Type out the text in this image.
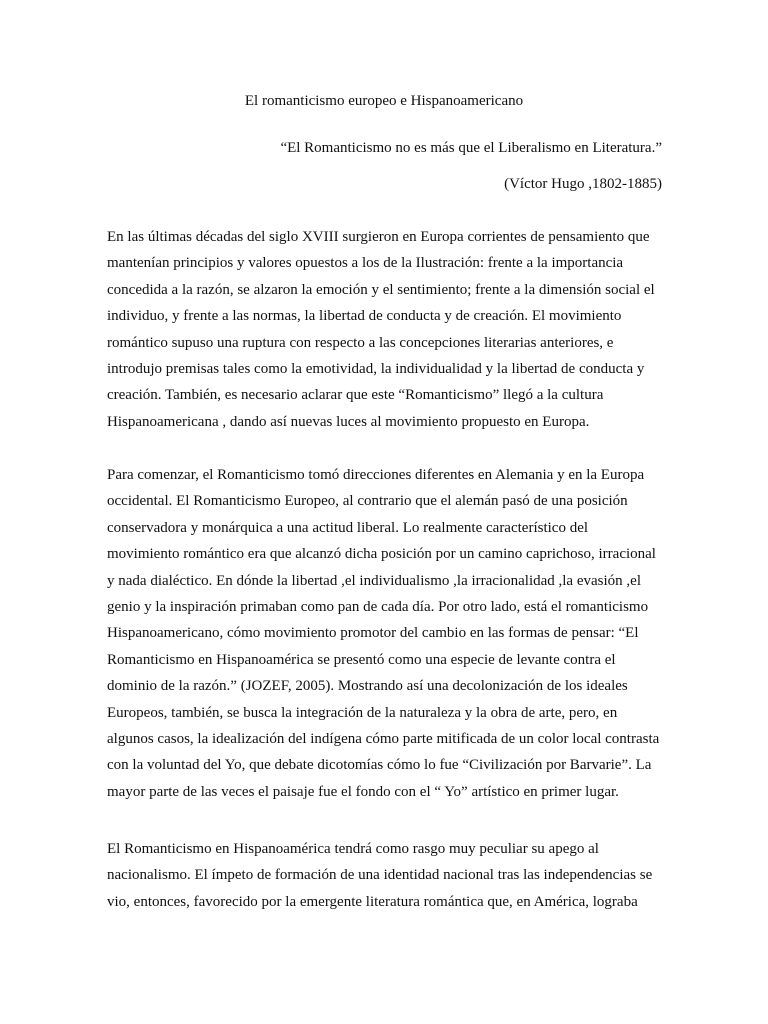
El romanticismo europeo e Hispanoamericano
“El Romanticismo no es más que el Liberalismo en Literatura.”
(Víctor Hugo ,1802-1885)
En las últimas décadas del siglo XVIII surgieron en Europa corrientes de pensamiento que
mantenían principios y valores opuestos a los de la Ilustración: frente a la importancia
concedida a la razón, se alzaron la emoción y el sentimiento; frente a la dimensión social el
individuo, y frente a las normas, la libertad de conducta y de creación. El movimiento
romántico supuso una ruptura con respecto a las concepciones literarias anteriores, e
introdujo premisas tales como la emotividad, la individualidad y la libertad de conducta y
creación. También, es necesario aclarar que este “Romanticismo” llegó a la cultura
Hispanoamericana , dando así nuevas luces al movimiento propuesto en Europa.
Para comenzar, el Romanticismo tomó direcciones diferentes en Alemania y en la Europa
occidental. El Romanticismo Europeo, al contrario que el alemán pasó de una posición
conservadora y monárquica a una actitud liberal. Lo realmente característico del
movimiento romántico era que alcanzó dicha posición por un camino caprichoso, irracional
y nada dialéctico. En dónde la libertad ,el individualismo ,la irracionalidad ,la evasión ,el
genio y la inspiración primaban como pan de cada día. Por otro lado, está el romanticismo
Hispanoamericano, cómo movimiento promotor del cambio en las formas de pensar: “El
Romanticismo en Hispanoamérica se presentó como una especie de levante contra el
dominio de la razón.” (JOZEF, 2005). Mostrando así una decolonización de los ideales
Europeos, también, se busca la integración de la naturaleza y la obra de arte, pero, en
algunos casos, la idealización del indígena cómo parte mitificada de un color local contrasta
con la voluntad del Yo, que debate dicotomías cómo lo fue “Civilización por Barvarie”. La
mayor parte de las veces el paisaje fue el fondo con el “ Yo” artístico en primer lugar.
El Romanticismo en Hispanoamérica tendrá como rasgo muy peculiar su apego al
nacionalismo. El ímpeto de formación de una identidad nacional tras las independencias se
vio, entonces, favorecido por la emergente literatura romántica que, en América, lograba
